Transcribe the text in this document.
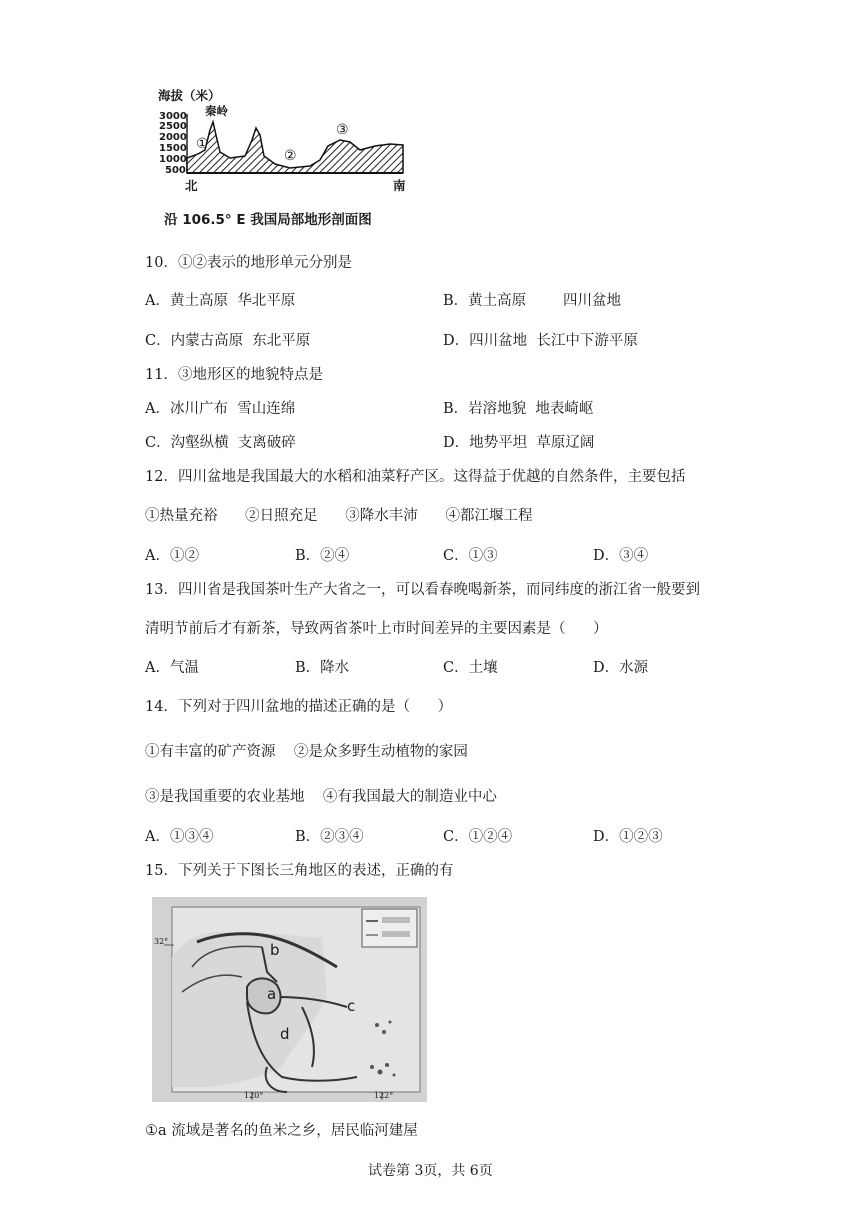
海拔（米）
秦岭
3000
2500
2000
1500
1000
500
①
②
③
北	南
沿 106.5° E 我国局部地形剖面图
10．①②表示的地形单元分别是
A．黄土高原  华北平原	B．黄土高原        四川盆地
C．内蒙古高原  东北平原	D．四川盆地  长江中下游平原
11．③地形区的地貌特点是
A．冰川广布  雪山连绵	B．岩溶地貌  地表崎岖
C．沟壑纵横  支离破碎	D．地势平坦  草原辽阔
12．四川盆地是我国最大的水稻和油菜籽产区。这得益于优越的自然条件，主要包括
①热量充裕      ②日照充足      ③降水丰沛      ④都江堰工程
A．①②	B．②④	C．①③	D．③④
13．四川省是我国茶叶生产大省之一，可以看春晚喝新茶，而同纬度的浙江省一般要到
清明节前后才有新茶，导致两省茶叶上市时间差异的主要因素是（      ）
A．气温	B．降水	C．土壤	D．水源
14．下列对于四川盆地的描述正确的是（      ）
①有丰富的矿产资源    ②是众多野生动植物的家园
③是我国重要的农业基地    ④有我国最大的制造业中心
A．①③④	B．②③④	C．①②④	D．①②③
15．下列关于下图长三角地区的表述，正确的有
a
b
c
d
32°
120°	122°
①a 流域是著名的鱼米之乡，居民临河建屋
试卷第 3页，共 6页
